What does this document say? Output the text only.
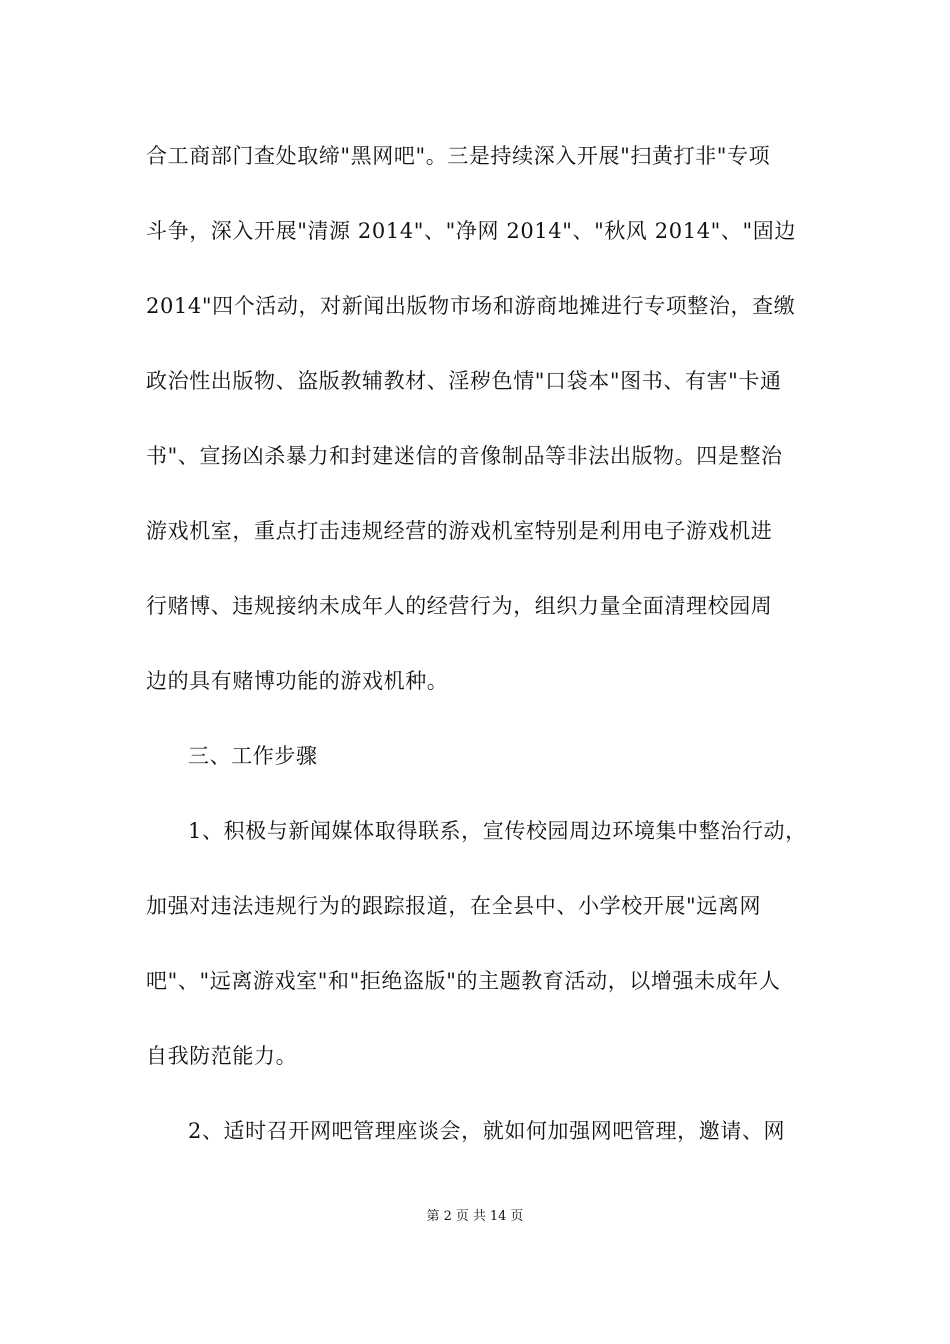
合工商部门查处取缔"黑网吧"。三是持续深入开展"扫黄打非"专项
斗争，深入开展"清源 2014"、"净网 2014"、"秋风 2014"、"固边
2014"四个活动，对新闻出版物市场和游商地摊进行专项整治，查缴
政治性出版物、盗版教辅教材、淫秽色情"口袋本"图书、有害"卡通
书"、宣扬凶杀暴力和封建迷信的音像制品等非法出版物。四是整治
游戏机室，重点打击违规经营的游戏机室特别是利用电子游戏机进
行赌博、违规接纳未成年人的经营行为，组织力量全面清理校园周
边的具有赌博功能的游戏机种。
三、工作步骤
1、积极与新闻媒体取得联系，宣传校园周边环境集中整治行动，
加强对违法违规行为的跟踪报道，在全县中、小学校开展"远离网
吧"、"远离游戏室"和"拒绝盗版"的主题教育活动，以增强未成年人
自我防范能力。
2、适时召开网吧管理座谈会，就如何加强网吧管理，邀请、网
第 2 页 共 14 页
